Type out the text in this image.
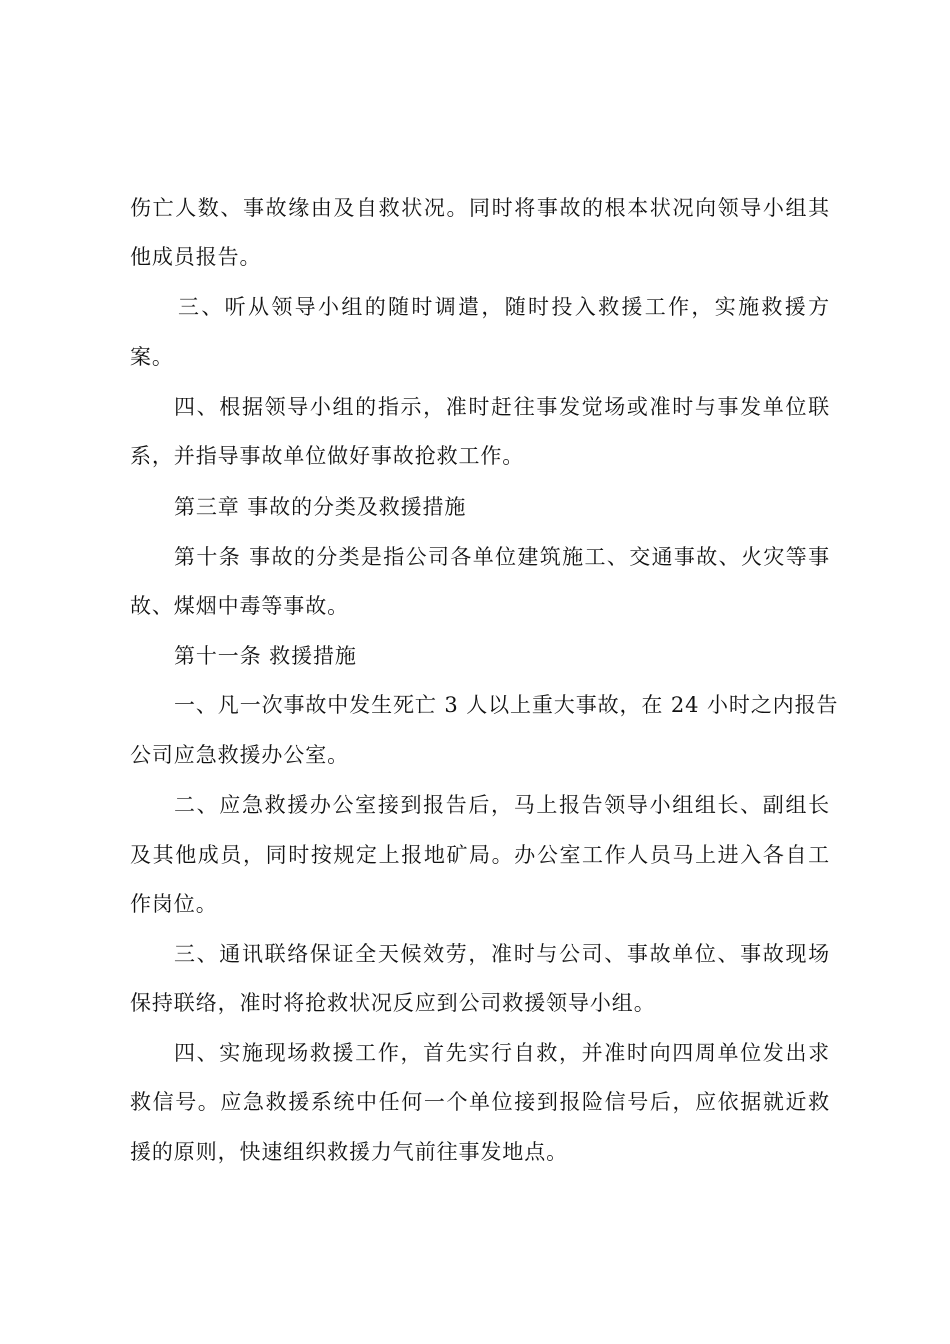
伤亡人数、事故缘由及自救状况。同时将事故的根本状况向领导小组其
他成员报告。
三、听从领导小组的随时调遣，随时投入救援工作，实施救援方
案。
四、根据领导小组的指示，准时赶往事发觉场或准时与事发单位联
系，并指导事故单位做好事故抢救工作。
第三章 事故的分类及救援措施
第十条 事故的分类是指公司各单位建筑施工、交通事故、火灾等事
故、煤烟中毒等事故。
第十一条 救援措施
一、凡一次事故中发生死亡 3 人以上重大事故，在 24 小时之内报告
公司应急救援办公室。
二、应急救援办公室接到报告后，马上报告领导小组组长、副组长
及其他成员，同时按规定上报地矿局。办公室工作人员马上进入各自工
作岗位。
三、通讯联络保证全天候效劳，准时与公司、事故单位、事故现场
保持联络，准时将抢救状况反应到公司救援领导小组。
四、实施现场救援工作，首先实行自救，并准时向四周单位发出求
救信号。应急救援系统中任何一个单位接到报险信号后，应依据就近救
援的原则，快速组织救援力气前往事发地点。
